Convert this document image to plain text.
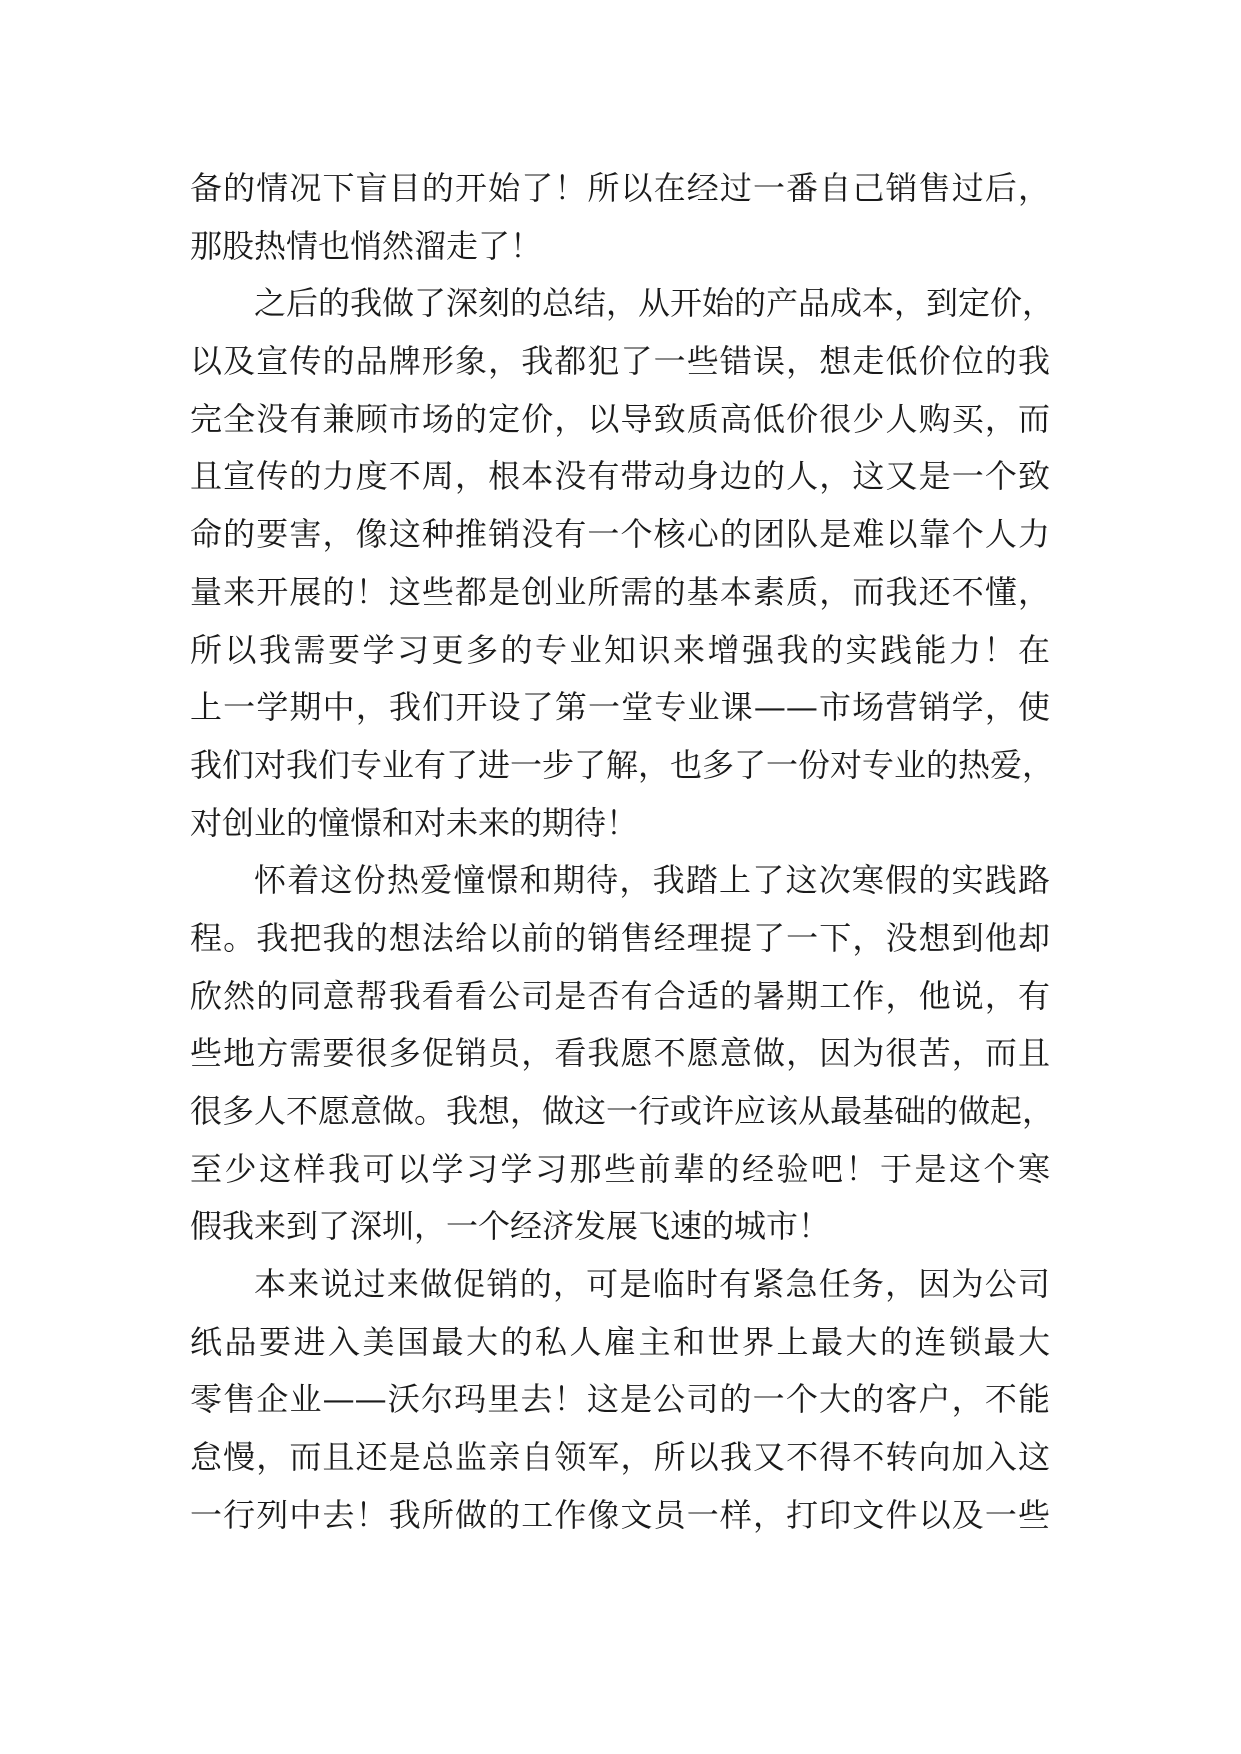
备的情况下盲目的开始了！所以在经过一番自己销售过后，
那股热情也悄然溜走了！
之后的我做了深刻的总结，从开始的产品成本，到定价，
以及宣传的品牌形象，我都犯了一些错误，想走低价位的我
完全没有兼顾市场的定价，以导致质高低价很少人购买，而
且宣传的力度不周，根本没有带动身边的人，这又是一个致
命的要害，像这种推销没有一个核心的团队是难以靠个人力
量来开展的！这些都是创业所需的基本素质，而我还不懂，
所以我需要学习更多的专业知识来增强我的实践能力！在
上一学期中，我们开设了第一堂专业课——市场营销学，使
我们对我们专业有了进一步了解，也多了一份对专业的热爱，
对创业的憧憬和对未来的期待！
怀着这份热爱憧憬和期待，我踏上了这次寒假的实践路
程。我把我的想法给以前的销售经理提了一下，没想到他却
欣然的同意帮我看看公司是否有合适的暑期工作，他说，有
些地方需要很多促销员，看我愿不愿意做，因为很苦，而且
很多人不愿意做。我想，做这一行或许应该从最基础的做起，
至少这样我可以学习学习那些前辈的经验吧！于是这个寒
假我来到了深圳，一个经济发展飞速的城市！
本来说过来做促销的，可是临时有紧急任务，因为公司
纸品要进入美国最大的私人雇主和世界上最大的连锁最大
零售企业——沃尔玛里去！这是公司的一个大的客户，不能
怠慢，而且还是总监亲自领军，所以我又不得不转向加入这
一行列中去！我所做的工作像文员一样，打印文件以及一些
